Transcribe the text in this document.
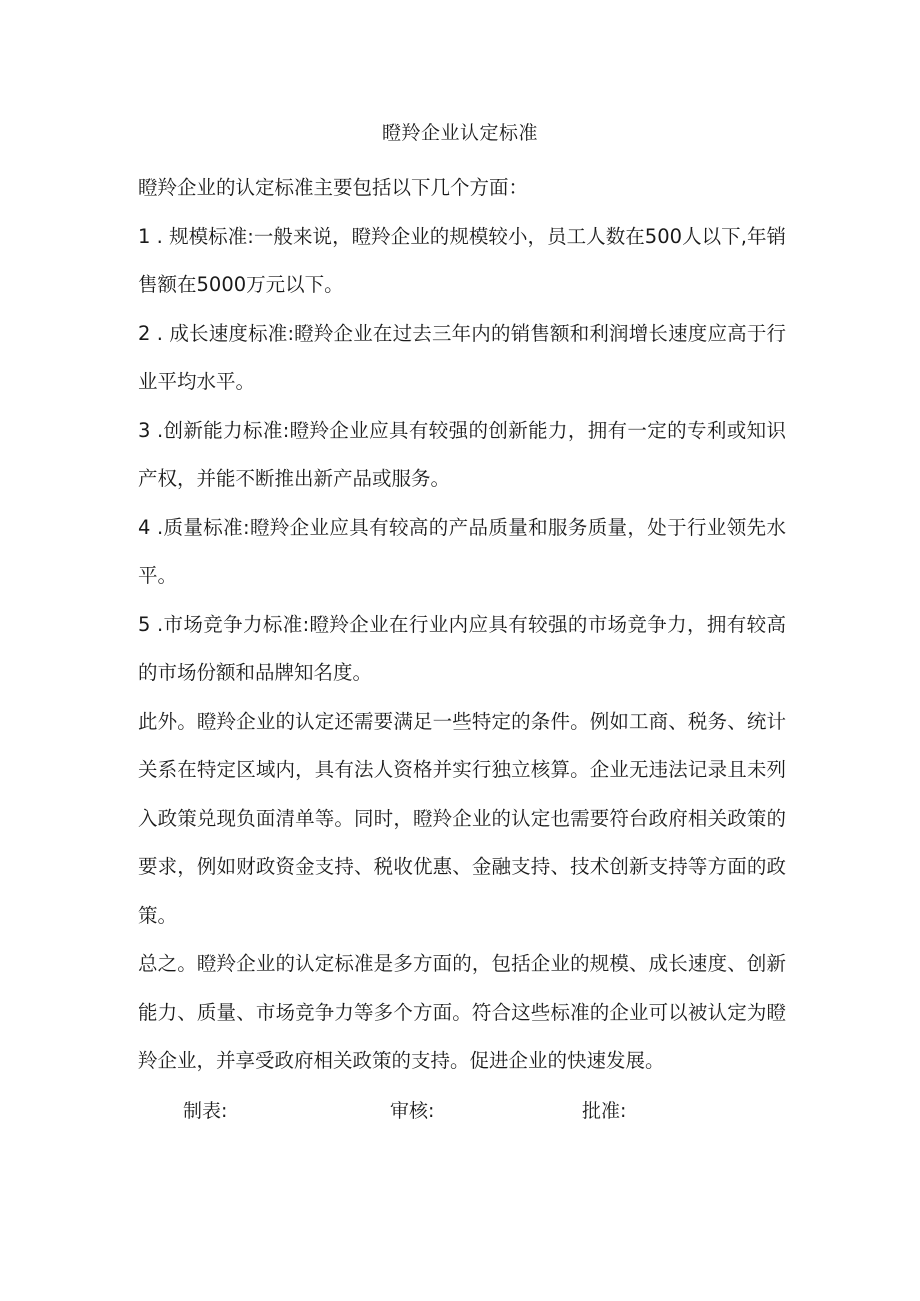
瞪羚企业认定标准

瞪羚企业的认定标准主要包括以下几个方面：

1 . 规模标准:一般来说，瞪羚企业的规模较小，员工人数在500人以下,年销售额在5000万元以下。

2 . 成长速度标准:瞪羚企业在过去三年内的销售额和利润增长速度应高于行业平均水平。

3 .创新能力标准:瞪羚企业应具有较强的创新能力，拥有一定的专利或知识产权，并能不断推出新产品或服务。

4 .质量标准:瞪羚企业应具有较高的产品质量和服务质量，处于行业领先水平。

5 .市场竞争力标准:瞪羚企业在行业内应具有较强的市场竞争力，拥有较高的市场份额和品牌知名度。

此外。瞪羚企业的认定还需要满足一些特定的条件。例如工商、税务、统计关系在特定区域内，具有法人资格并实行独立核算。企业无违法记录且未列入政策兑现负面清单等。同时，瞪羚企业的认定也需要符台政府相关政策的要求，例如财政资金支持、税收优惠、金融支持、技术创新支持等方面的政策。

总之。瞪羚企业的认定标准是多方面的，包括企业的规模、成长速度、创新能力、质量、市场竞争力等多个方面。符合这些标准的企业可以被认定为瞪羚企业，并享受政府相关政策的支持。促进企业的快速发展。

制表:	审核:	批准:
